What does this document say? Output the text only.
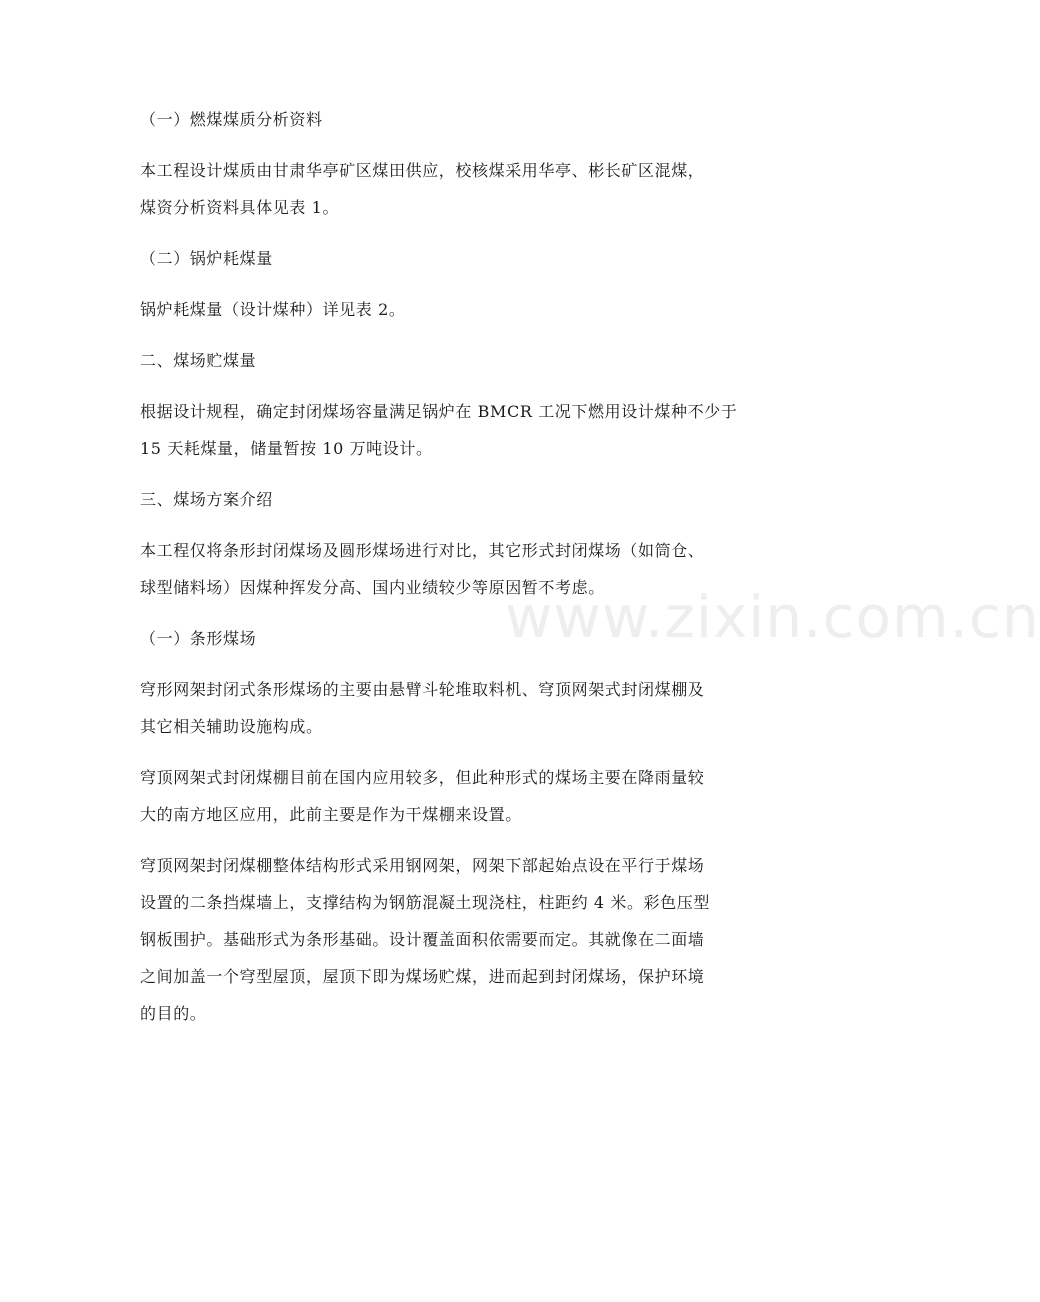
（一）燃煤煤质分析资料
本工程设计煤质由甘肃华亭矿区煤田供应，校核煤采用华亭、彬长矿区混煤，
煤资分析资料具体见表 1。
（二）锅炉耗煤量
锅炉耗煤量（设计煤种）详见表 2。
二、煤场贮煤量
根据设计规程，确定封闭煤场容量满足锅炉在 BMCR 工况下燃用设计煤种不少于
15 天耗煤量，储量暂按 10 万吨设计。
三、煤场方案介绍
本工程仅将条形封闭煤场及圆形煤场进行对比，其它形式封闭煤场（如筒仓、
球型储料场）因煤种挥发分高、国内业绩较少等原因暂不考虑。
（一）条形煤场
穹形网架封闭式条形煤场的主要由悬臂斗轮堆取料机、穹顶网架式封闭煤棚及
其它相关辅助设施构成。
穹顶网架式封闭煤棚目前在国内应用较多，但此种形式的煤场主要在降雨量较
大的南方地区应用，此前主要是作为干煤棚来设置。
穹顶网架封闭煤棚整体结构形式采用钢网架，网架下部起始点设在平行于煤场
设置的二条挡煤墙上，支撑结构为钢筋混凝土现浇柱，柱距约 4 米。彩色压型
钢板围护。基础形式为条形基础。设计覆盖面积依需要而定。其就像在二面墙
之间加盖一个穹型屋顶，屋顶下即为煤场贮煤，进而起到封闭煤场，保护环境
的目的。
www.zixin.com.cn
